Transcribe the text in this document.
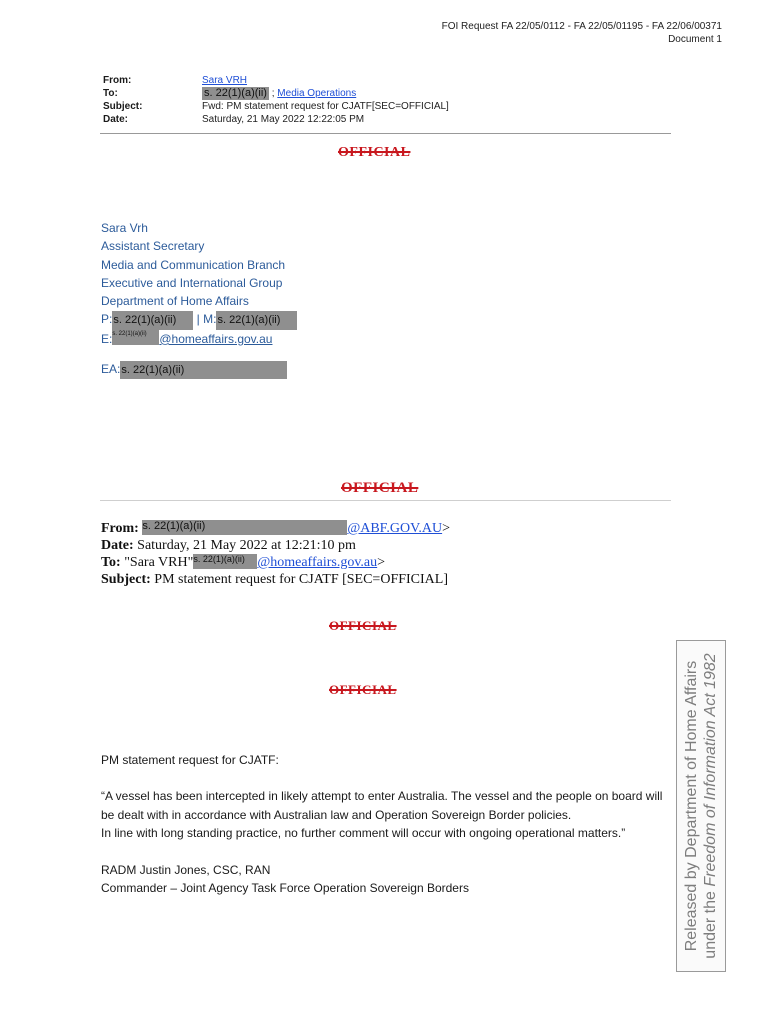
FOI Request FA 22/05/0112 - FA 22/05/01195 - FA 22/06/00371
Document 1
From:	Sara VRH
To:	s. 22(1)(a)(ii) ; Media Operations
Subject:	Fwd: PM statement request for CJATF[SEC=OFFICIAL]
Date:	Saturday, 21 May 2022 12:22:05 PM
OFFICIAL
Sara Vrh
Assistant Secretary
Media and Communication Branch
Executive and International Group
Department of Home Affairs
P:s. 22(1)(a)(ii) | M:s. 22(1)(a)(ii)
E:s. 22(1)(a)(ii) @homeaffairs.gov.au
EA:s. 22(1)(a)(ii)
OFFICIAL
From: s. 22(1)(a)(ii)	@ABF.GOV.AU>
Date: Saturday, 21 May 2022 at 12:21:10 pm
To: "Sara VRH"s. 22(1)(a)(ii) @homeaffairs.gov.au>
Subject: PM statement request for CJATF [SEC=OFFICIAL]
OFFICIAL
OFFICIAL

PM statement request for CJATF:

“A vessel has been intercepted in likely attempt to enter Australia. The vessel and the people on board will be dealt with in accordance with Australian law and Operation Sovereign Border policies.

In line with long standing practice, no further comment will occur with ongoing operational matters.”

RADM Justin Jones, CSC, RAN

Commander – Joint Agency Task Force Operation Sovereign Borders	Released by Department of Home Affairs under the Freedom of Information Act 1982
